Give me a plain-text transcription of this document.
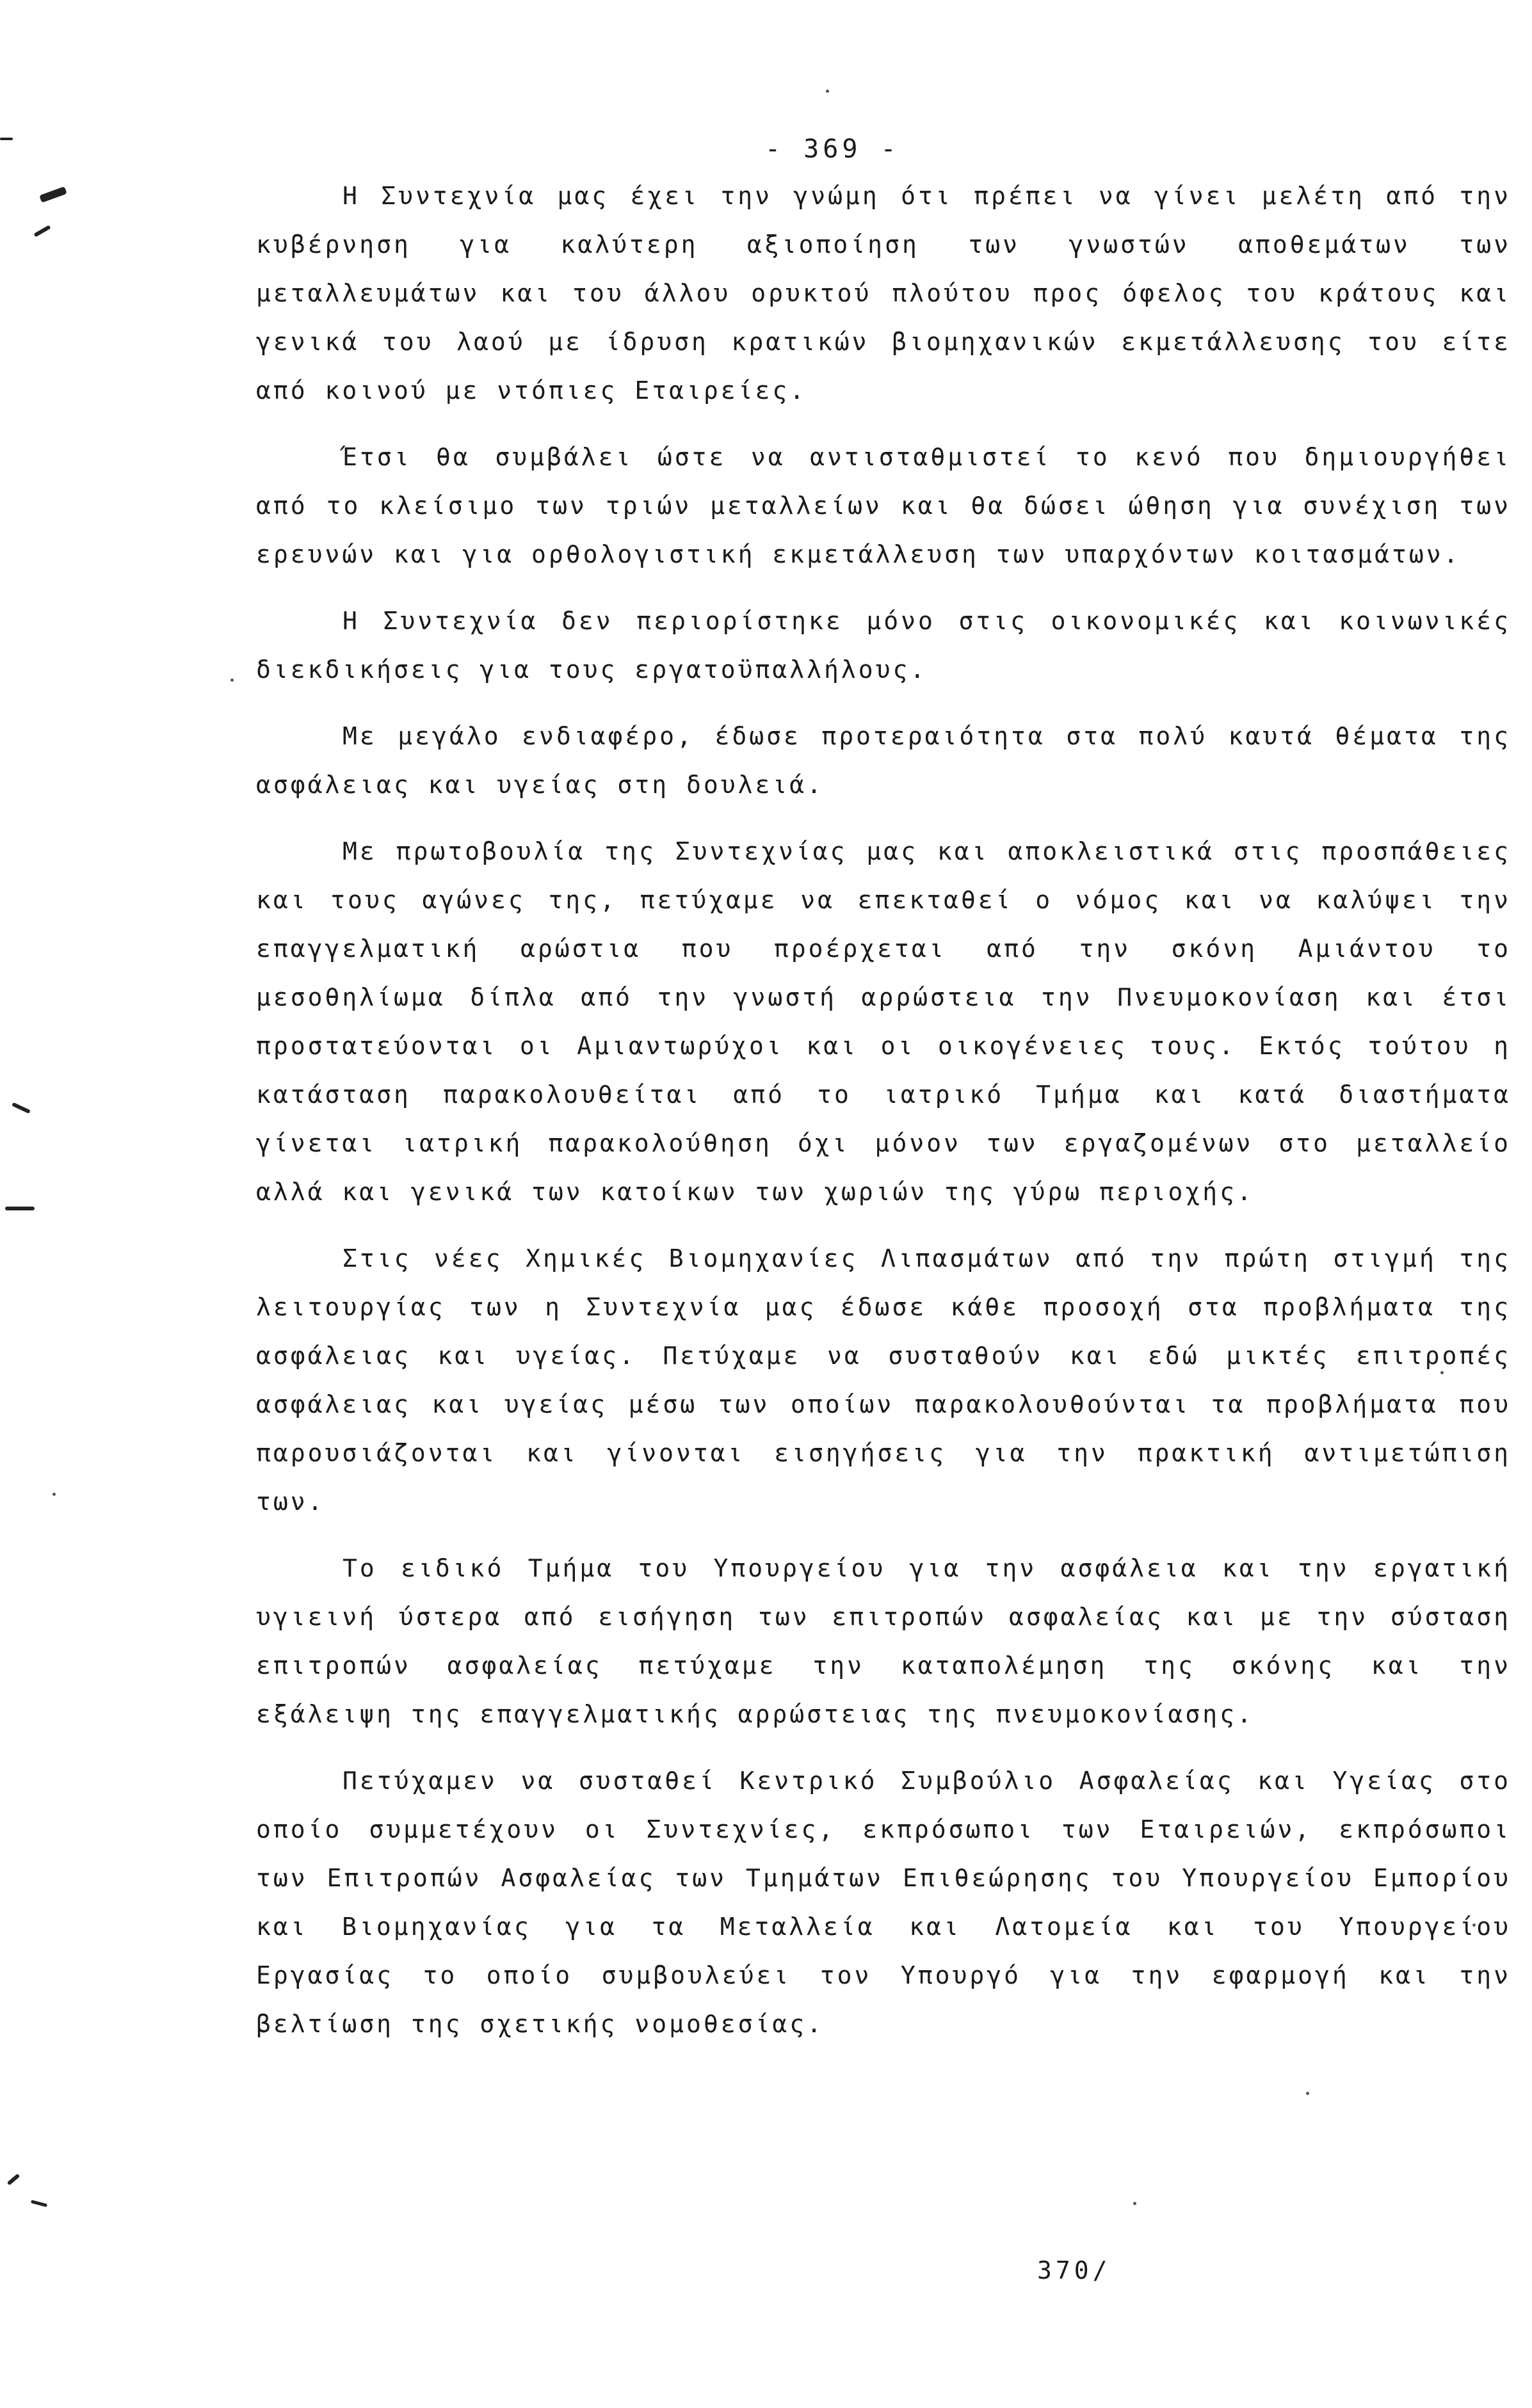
- 369 -

Η Συντεχνία μας έχει την γνώμη ότι πρέπει να γίνει μελέτη από την κυβέρνηση για καλύτερη αξιοποίηση των γνωστών αποθεμάτων των μεταλλευμάτων και του άλλου ορυκτού πλούτου προς όφελος του κράτους και γενικά του λαού με ίδρυση κρατικών βιομηχανικών εκμετάλλευσης του είτε από κοινού με ντόπιες Εταιρείες.

Έτσι θα συμβάλει ώστε να αντισταθμιστεί το κενό που δημιουργήθει από το κλείσιμο των τριών μεταλλείων και θα δώσει ώθηση για συνέχιση των ερευνών και για ορθολογιστική εκμετάλλευση των υπαρχόντων κοιτασμάτων.

Η Συντεχνία δεν περιορίστηκε μόνο στις οικονομικές και κοινωνικές διεκδικήσεις για τους εργατοϋπαλλήλους.

Με μεγάλο ενδιαφέρο, έδωσε προτεραιότητα στα πολύ καυτά θέματα της ασφάλειας και υγείας στη δουλειά.

Με πρωτοβουλία της Συντεχνίας μας και αποκλειστικά στις προσπάθειες και τους αγώνες της, πετύχαμε να επεκταθεί ο νόμος και να καλύψει την επαγγελματική αρώστια που προέρχεται από την σκόνη Αμιάντου το μεσοθηλίωμα δίπλα από την γνωστή αρρώστεια την Πνευμοκονίαση και έτσι προστατεύονται οι Αμιαντωρύχοι και οι οικογένειες τους. Εκτός τούτου η κατάσταση παρακολουθείται από το ιατρικό Τμήμα και κατά διαστήματα γίνεται ιατρική παρακολούθηση όχι μόνον των εργαζομένων στο μεταλλείο αλλά και γενικά των κατοίκων των χωριών της γύρω περιοχής.

Στις νέες Χημικές Βιομηχανίες Λιπασμάτων από την πρώτη στιγμή της λειτουργίας των η Συντεχνία μας έδωσε κάθε προσοχή στα προβλήματα της ασφάλειας και υγείας. Πετύχαμε να συσταθούν και εδώ μικτές επιτροπές ασφάλειας και υγείας μέσω των οποίων παρακολουθούνται τα προβλήματα που παρουσιάζονται και γίνονται εισηγήσεις για την πρακτική αντιμετώπιση των.

Το ειδικό Τμήμα του Υπουργείου για την ασφάλεια και την εργατική υγιεινή ύστερα από εισήγηση των επιτροπών ασφαλείας και με την σύσταση επιτροπών ασφαλείας πετύχαμε την καταπολέμηση της σκόνης και την εξάλειψη της επαγγελματικής αρρώστειας της πνευμοκονίασης.

Πετύχαμεν να συσταθεί Κεντρικό Συμβούλιο Ασφαλείας και Υγείας στο οποίο συμμετέχουν οι Συντεχνίες, εκπρόσωποι των Εταιρειών, εκπρόσωποι των Επιτροπών Ασφαλείας των Τμημάτων Επιθεώρησης του Υπουργείου Εμπορίου και Βιομηχανίας για τα Μεταλλεία και Λατομεία και του Υπουργείου Εργασίας το οποίο συμβουλεύει τον Υπουργό για την εφαρμογή και την βελτίωση της σχετικής νομοθεσίας.

370/
